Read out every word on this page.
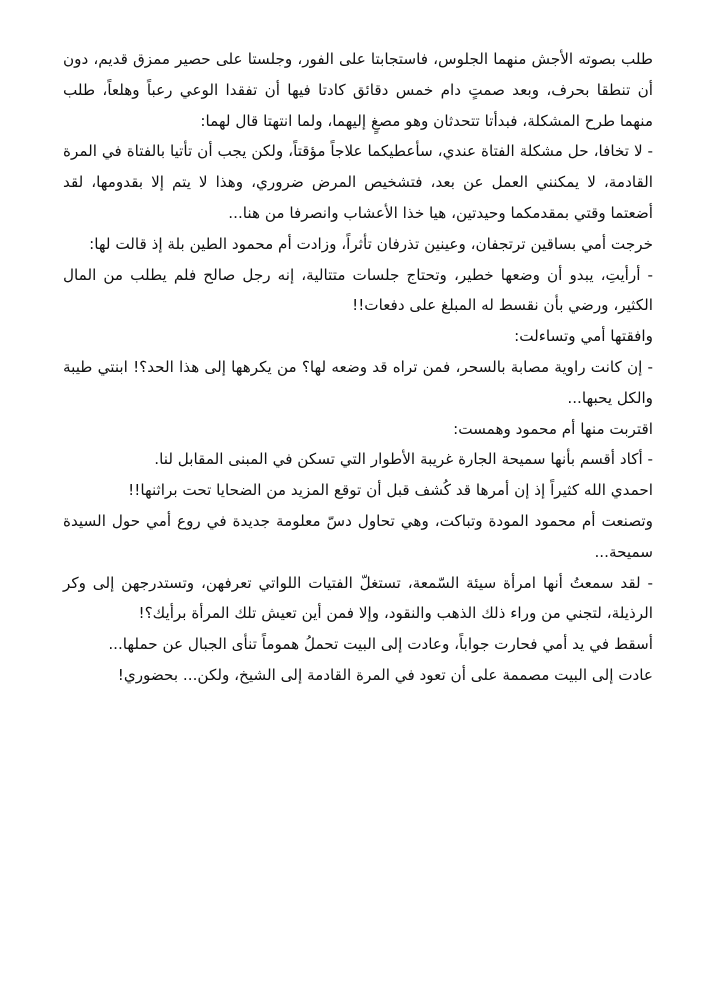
طلب بصوته الأجش منهما الجلوس، فاستجابتا على الفور، وجلستا على حصير ممزق قديم، دون أن تنطقا بحرف، وبعد صمتٍ دام خمس دقائق كادتا فيها أن تفقدا الوعي رعباً وهلعاً، طلب منهما طرح المشكلة، فبدأتا تتحدثان وهو مصغٍ إليهما، ولما انتهتا قال لهما:

- لا تخافا، حل مشكلة الفتاة عندي، سأعطيكما علاجاً مؤقتاً، ولكن يجب أن تأتيا بالفتاة في المرة القادمة، لا يمكنني العمل عن بعد، فتشخيص المرض ضروري، وهذا لا يتم إلا بقدومها، لقد أضعتما وقتي بمقدمكما وحيدتين، هيا خذا الأعشاب وانصرفا من هنا...

خرجت أمي بساقين ترتجفان، وعينين تذرفان تأثراً، وزادت أم محمود الطين بلة إذ قالت لها:

- أرأيتِ، يبدو أن وضعها خطير، وتحتاج جلسات متتالية، إنه رجل صالح فلم يطلب من المال الكثير، ورضي بأن نقسط له المبلغ على دفعات!!

وافقتها أمي وتساءلت:

- إن كانت راوية مصابة بالسحر، فمن تراه قد وضعه لها؟ من يكرهها إلى هذا الحد؟! ابنتي طيبة والكل يحبها...

اقتربت منها أم محمود وهمست:

- أكاد أقسم بأنها سميحة الجارة غريبة الأطوار التي تسكن في المبنى المقابل لنا.

احمدي الله كثيراً إذ إن أمرها قد كُشف قبل أن توقع المزيد من الضحايا تحت براثنها!!

وتصنعت أم محمود المودة وتباكت، وهي تحاول دسّ معلومة جديدة في روع أمي حول السيدة سميحة...

- لقد سمعتُ أنها امرأة سيئة السّمعة، تستغلّ الفتيات اللواتي تعرفهن، وتستدرجهن إلى وكر الرذيلة، لتجني من وراء ذلك الذهب والنقود، وإلا فمن أين تعيش تلك المرأة برأيك؟!

أسقط في يد أمي فحارت جواباً، وعادت إلى البيت تحملُ هموماً تنأى الجبال عن حملها...

عادت إلى البيت مصممة على أن تعود في المرة القادمة إلى الشيخ، ولكن... بحضوري!
